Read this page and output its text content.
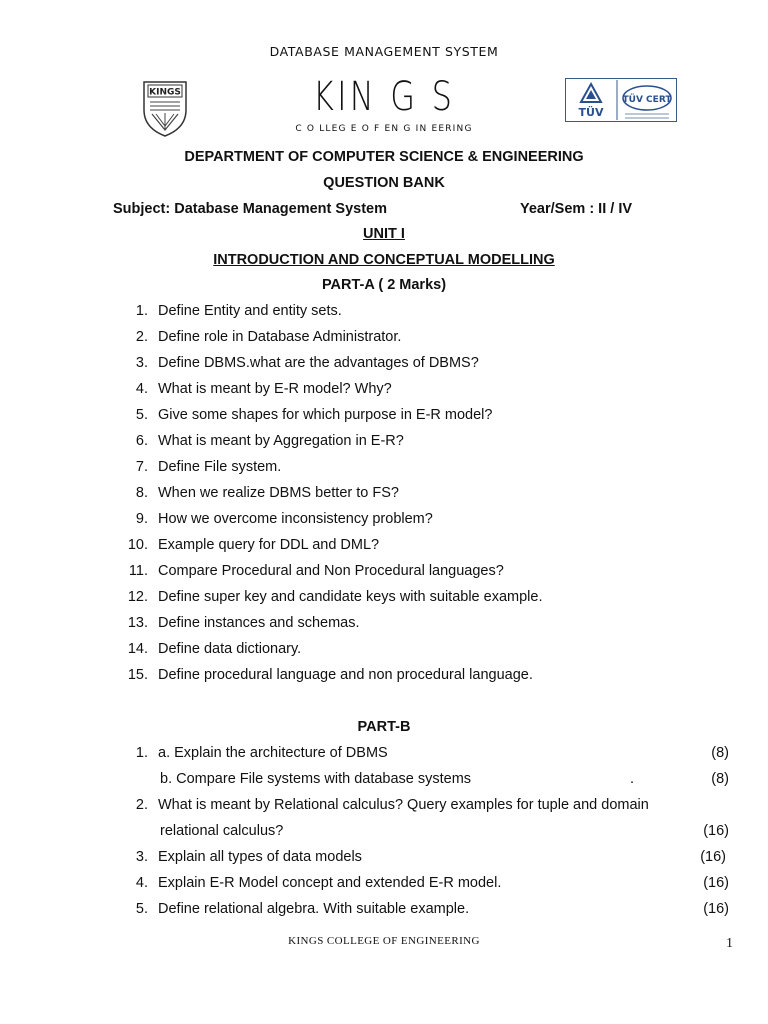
DATABASE MANAGEMENT SYSTEM
KINGS	KIN G S
C O LLEG E O F EN G IN EERING
TÜV
TÜV CERT
DEPARTMENT OF COMPUTER SCIENCE & ENGINEERING
QUESTION BANK
Subject: Database Management System	Year/Sem : II / IV
UNIT I
INTRODUCTION AND CONCEPTUAL MODELLING
PART-A ( 2 Marks)
1. Define Entity and entity sets.
2. Define role in Database Administrator.
3. Define DBMS.what are the advantages of DBMS?
4. What is meant by E-R model? Why?
5. Give some shapes for which purpose in E-R model?
6. What is meant by Aggregation in E-R?
7. Define File system.
8. When we realize DBMS better to FS?
9. How we overcome inconsistency problem?
10. Example query for DDL and DML?
11. Compare Procedural and Non Procedural languages?
12. Define super key and candidate keys with suitable example.
13. Define instances and schemas.
14. Define data dictionary.
15. Define procedural language and non procedural language.
PART-B
1. a. Explain the architecture of DBMS	(8)
b. Compare File systems with database systems	.	(8)
2. What is meant by Relational calculus? Query examples for tuple and domain
relational calculus?	(16)
3. Explain all types of data models	(16)
4. Explain E-R Model concept and extended E-R model.	(16)
5. Define relational algebra. With suitable example.	(16)
KINGS COLLEGE OF ENGINEERING	1
